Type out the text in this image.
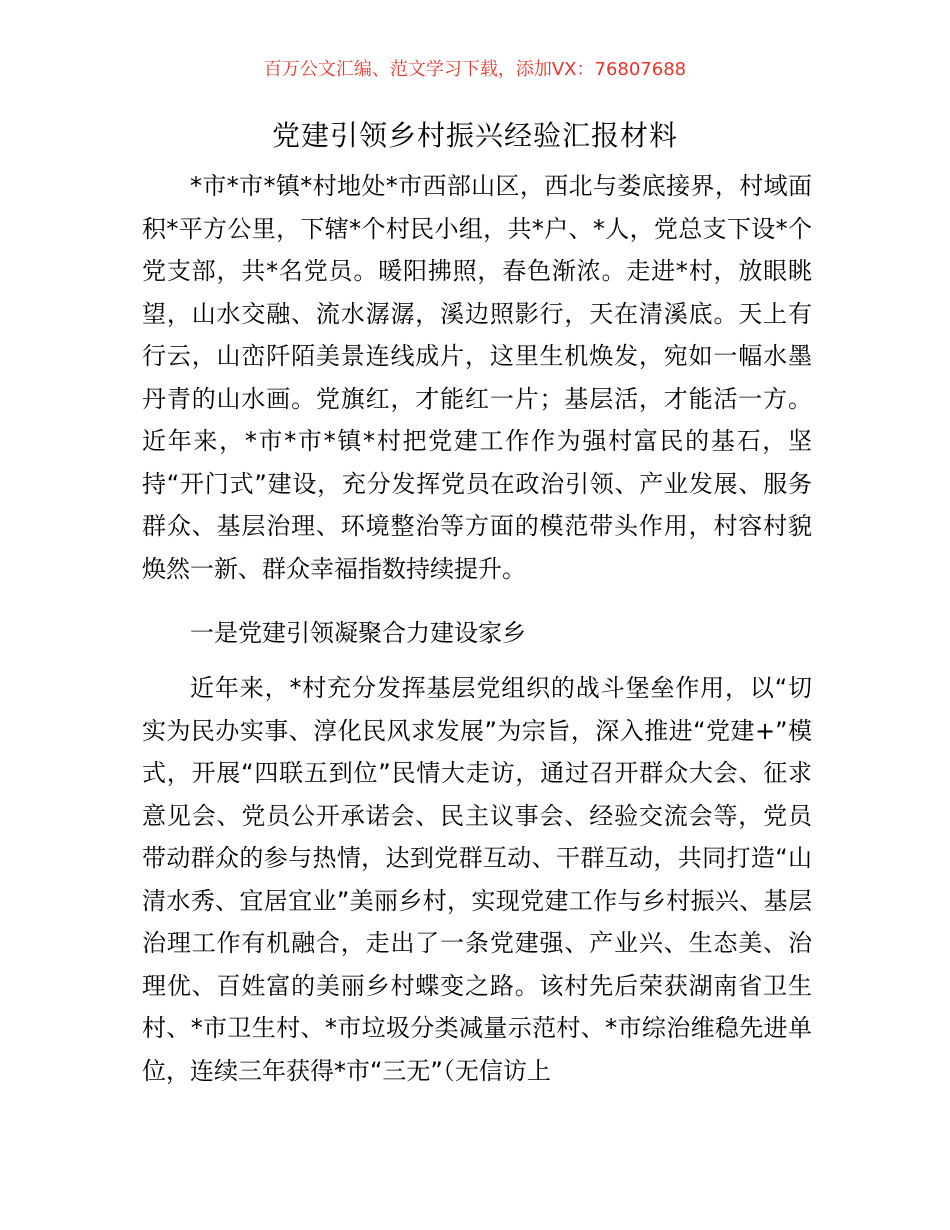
百万公文汇编、范文学习下载，添加VX：76807688
党建引领乡村振兴经验汇报材料

*市*市*镇*村地处*市西部山区，西北与娄底接界，村域面积*平方公里，下辖*个村民小组，共*户、*人，党总支下设*个党支部，共*名党员。暖阳拂照，春色渐浓。走进*村，放眼眺望，山水交融、流水潺潺，溪边照影行，天在清溪底。天上有行云，山峦阡陌美景连线成片，这里生机焕发，宛如一幅水墨丹青的山水画。党旗红，才能红一片；基层活，才能活一方。近年来，*市*市*镇*村把党建工作作为强村富民的基石，坚持“开门式”建设，充分发挥党员在政治引领、产业发展、服务群众、基层治理、环境整治等方面的模范带头作用，村容村貌焕然一新、群众幸福指数持续提升。

一是党建引领凝聚合力建设家乡

近年来，*村充分发挥基层党组织的战斗堡垒作用，以“切实为民办实事、淳化民风求发展”为宗旨，深入推进“党建+”模式，开展“四联五到位”民情大走访，通过召开群众大会、征求意见会、党员公开承诺会、民主议事会、经验交流会等，党员带动群众的参与热情，达到党群互动、干群互动，共同打造“山清水秀、宜居宜业”美丽乡村，实现党建工作与乡村振兴、基层治理工作有机融合，走出了一条党建强、产业兴、生态美、治理优、百姓富的美丽乡村蝶变之路。该村先后荣获湖南省卫生村、*市卫生村、*市垃圾分类减量示范村、*市综治维稳先进单位，连续三年获得*市“三无”（无信访上
